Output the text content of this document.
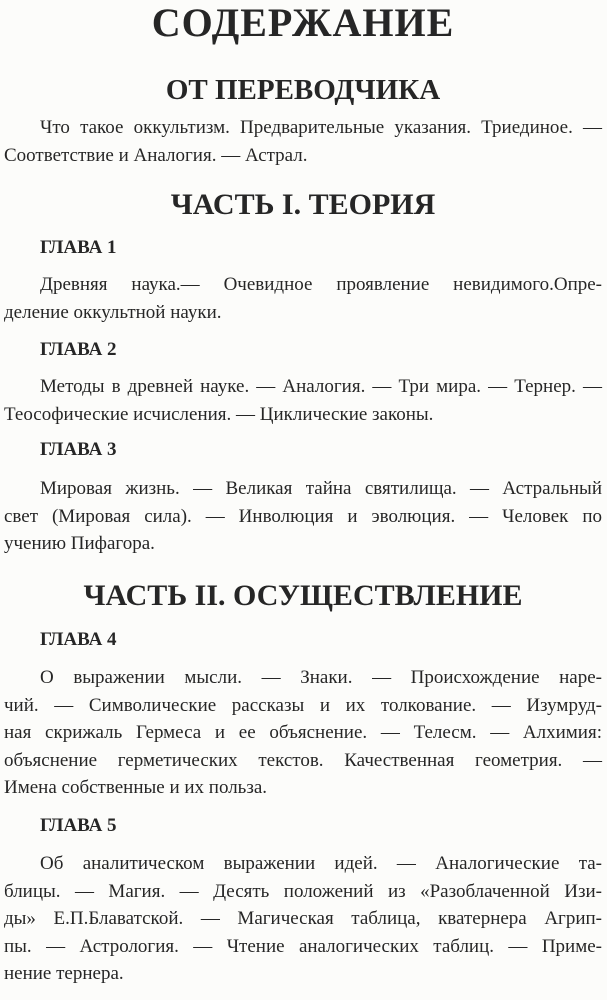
СОДЕРЖАНИЕ
ОТ ПЕРЕВОДЧИКА
Что такое оккультизм. Предварительные указания. Триединое. —
Соответствие и Аналогия. — Астрал.
ЧАСТЬ I. ТЕОРИЯ
ГЛАВА 1
Древняя наука.— Очевидное проявление невидимого.Опре-
деление оккультной науки.
ГЛАВА 2
Методы в древней науке. — Аналогия. — Три мира. — Тернер. —
Теософические исчисления. — Циклические законы.
ГЛАВА 3
Мировая жизнь. — Великая тайна святилища. — Астральный
свет (Мировая сила). — Инволюция и эволюция. — Человек по
учению Пифагора.
ЧАСТЬ II. ОСУЩЕСТВЛЕНИЕ
ГЛАВА 4
О выражении мысли. — Знаки. — Происхождение наре-
чий. — Символические рассказы и их толкование. — Изумруд-
ная скрижаль Гермеса и ее объяснение. — Телесм. — Алхимия:
объяснение герметических текстов. Качественная геометрия. —
Имена собственные и их польза.
ГЛАВА 5
Об аналитическом выражении идей. — Аналогические та-
блицы. — Магия. — Десять положений из «Разоблаченной Изи-
ды» Е.П.Блаватской. — Магическая таблица, кватернера Агрип-
пы. — Астрология. — Чтение аналогических таблиц. — Приме-
нение тернера.
